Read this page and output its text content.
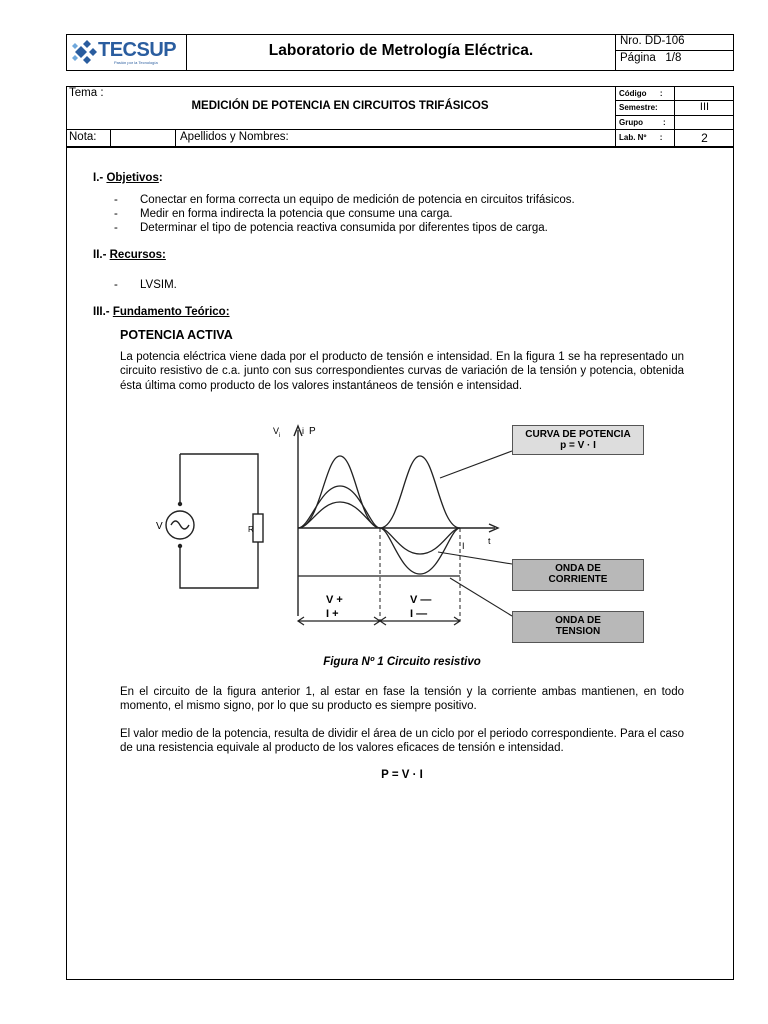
TECSUP
Pasión por la Tecnología
Laboratorio de Metrología Eléctrica.
Nro. DD-106
Página   1/8
Tema :
MEDICIÓN DE POTENCIA EN CIRCUITOS TRIFÁSICOS
Código      :
Semestre:	III
Grupo         :
Nota:	Apellidos y Nombres:	Lab. Nº      :	2
I.- Objetivos:
- Conectar en forma correcta un equipo de medición de potencia en circuitos trifásicos.
- Medir en forma indirecta la potencia que consume una carga.
- Determinar el tipo de potencia reactiva consumida por diferentes tipos de carga.
II.- Recursos:
- LVSIM.
III.- Fundamento Teórico:
POTENCIA ACTIVA
La potencia eléctrica viene dada por el producto de tensión e intensidad. En la figura 1 se ha representado un circuito resistivo de c.a. junto con sus correspondientes curvas de variación de la tensión y potencia, obtenida ésta última como producto de los valores instantáneos de tensión e intensidad.
V	R
$V_i$ i P
t
I
V +
I +
V —
I —
CURVA DE POTENCIA
p = V · I
ONDA DE
CORRIENTE
ONDA DE
TENSION
Figura Nº 1 Circuito resistivo
En el circuito de la figura anterior 1, al estar en fase la tensión y la corriente ambas mantienen, en todo momento, el mismo signo, por lo que su producto es siempre positivo.
El valor medio de la potencia, resulta de dividir el área de un ciclo por el periodo correspondiente. Para el caso de una resistencia equivale al producto de los valores eficaces de tensión e intensidad.
P = V · I
